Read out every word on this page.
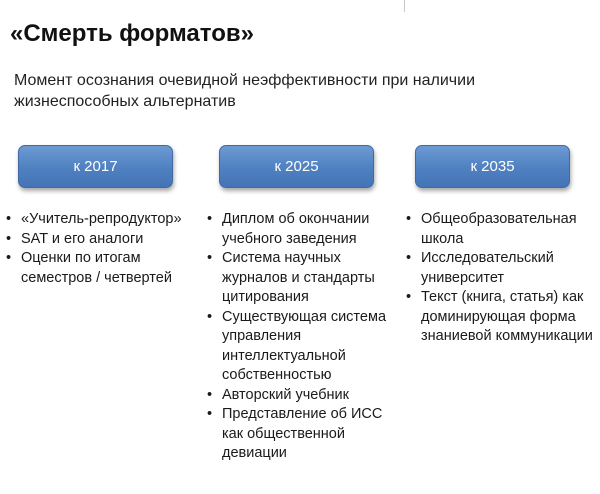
«Смерть форматов»
Момент осознания очевидной неэффективности при наличии жизнеспособных альтернатив
к 2017
• «Учитель-репродуктор»
• SAT и его аналоги
• Оценки по итогам семестров / четвертей
к 2025
• Диплом об окончании учебного заведения
• Система научных журналов и стандарты цитирования
• Существующая система управления интеллектуальной собственностью
• Авторский учебник
• Представление об ИСС как общественной девиации
к 2035
• Общеобразовательная школа
• Исследовательский университет
• Текст (книга, статья) как доминирующая форма знаниевой коммуникации
